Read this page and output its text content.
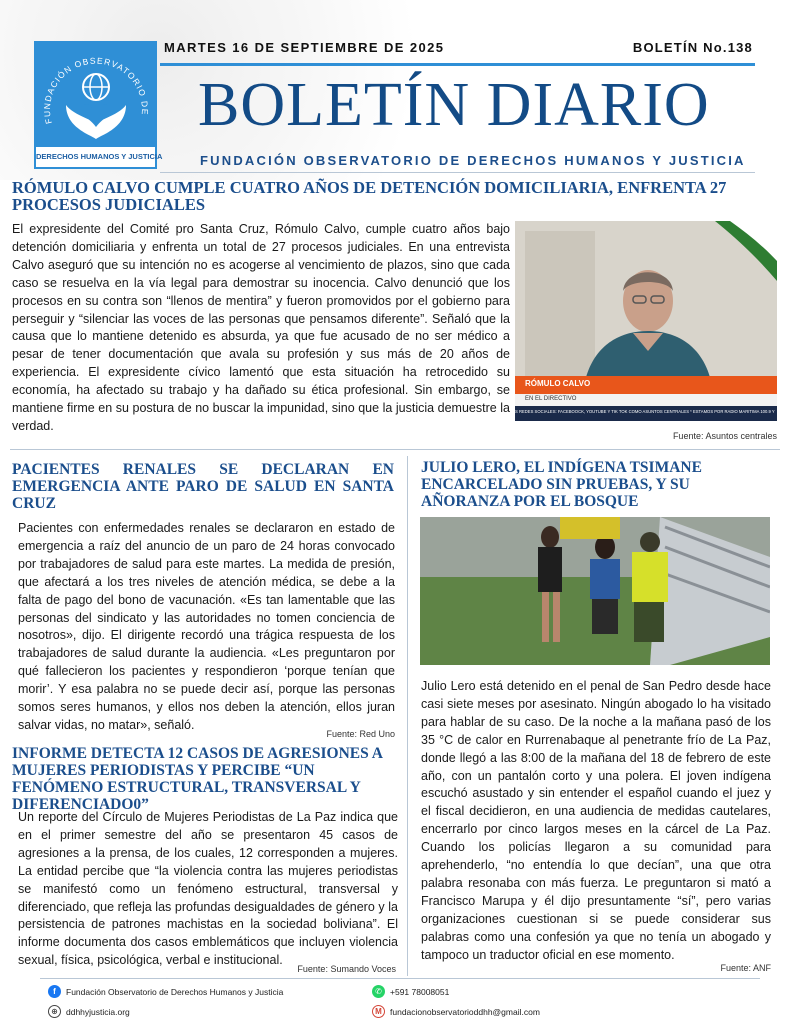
FUNDACIÓN OBSERVATORIO DE
DERECHOS HUMANOS Y JUSTICIA
MARTES 16 DE SEPTIEMBRE DE 2025	BOLETÍN No.138
BOLETÍN DIARIO
FUNDACIÓN OBSERVATORIO DE DERECHOS HUMANOS Y JUSTICIA
RÓMULO CALVO CUMPLE CUATRO AÑOS DE DETENCIÓN DOMICILIARIA, ENFRENTA 27 PROCESOS JUDICIALES

El expresidente del Comité pro Santa Cruz, Rómulo Calvo, cumple cuatro años bajo detención domiciliaria y enfrenta un total de 27 procesos judiciales. En una entrevista Calvo aseguró que su intención no es acogerse al vencimiento de plazos, sino que cada caso se resuelva en la vía legal para demostrar su inocencia. Calvo denunció que los procesos en su contra son “llenos de mentira” y fueron promovidos por el gobierno para perseguir y “silenciar las voces de las personas que pensamos diferente”. Señaló que la causa que lo mantiene detenido es absurda, ya que fue acusado de no ser médico a pesar de tener documentación que avala su profesión y sus más de 20 años de experiencia. El expresidente cívico lamentó que esta situación ha retrocedido su economía, ha afectado su trabajo y ha dañado su ética profesional. Sin embargo, se mantiene firme en su postura de no buscar la impunidad, sino que la justicia demuestre la verdad.

RÓMULO CALVO
EN EL DIRECTIVO
S REDES SOCIALES: FACEBOOCK, YOUTUBE Y TIK TOK COMO ASUNTOS CENTRALES * ESTAMOS POR RADIO MARITIMA 100.9 Y
Fuente: Asuntos centrales
PACIENTES RENALES SE DECLARAN EN EMERGENCIA ANTE PARO DE SALUD EN SANTA CRUZ

Pacientes con enfermedades renales se declararon en estado de emergencia a raíz del anuncio de un paro de 24 horas convocado por trabajadores de salud para este martes. La medida de presión, que afectará a los tres niveles de atención médica, se debe a la falta de pago del bono de vacunación. «Es tan lamentable que las personas del sindicato y las autoridades no tomen conciencia de nosotros», dijo. El dirigente recordó una trágica respuesta de los trabajadores de salud durante la audiencia. «Les preguntaron por qué fallecieron los pacientes y respondieron ‘porque tenían que morir’. Y esa palabra no se puede decir así, porque las personas somos seres humanos, y ellos nos deben la atención, ellos juran salvar vidas, no matar», señaló.

Fuente: Red Uno
INFORME DETECTA 12 CASOS DE AGRESIONES A MUJERES PERIODISTAS Y PERCIBE “UN FENÓMENO ESTRUCTURAL, TRANSVERSAL Y DIFERENCIADO0”

Un reporte del Círculo de Mujeres Periodistas de La Paz indica que en el primer semestre del año se presentaron 45 casos de agresiones a la prensa, de los cuales, 12 corresponden a mujeres. La entidad percibe que “la violencia contra las mujeres periodistas se manifestó como un fenómeno estructural, transversal y diferenciado, que refleja las profundas desigualdades de género y la persistencia de patrones machistas en la sociedad boliviana”. El informe documenta dos casos emblemáticos que incluyen violencia sexual, física, psicológica, verbal e institucional.

Fuente: Sumando Voces
JULIO LERO, EL INDÍGENA TSIMANE ENCARCELADO SIN PRUEBAS, Y SU AÑORANZA POR EL BOSQUE

Julio Lero está detenido en el penal de San Pedro desde hace casi siete meses por asesinato. Ningún abogado lo ha visitado para hablar de su caso. De la noche a la mañana pasó de los 35 °C de calor en Rurrenabaque al penetrante frío de La Paz, donde llegó a las 8:00 de la mañana del 18 de febrero de este año, con un pantalón corto y una polera. El joven indígena escuchó asustado y sin entender el español cuando el juez y el fiscal decidieron, en una audiencia de medidas cautelares, encerrarlo por cinco largos meses en la cárcel de La Paz. Cuando los policías llegaron a su comunidad para aprehenderlo, “no entendía lo que decían”, una que otra palabra resonaba con más fuerza. Le preguntaron si mató a Francisco Marupa y él dijo presuntamente “sí”, pero varias organizaciones cuestionan si se puede considerar sus palabras como una confesión ya que no tenía un abogado y tampoco un traductor oficial en ese momento.

Fuente: ANF
f	Fundación Observatorio de Derechos Humanos y Justicia
⊕ ddhhyjusticia.org
✆ +591 78008051
M fundacionobservatorioddhh@gmail.com
